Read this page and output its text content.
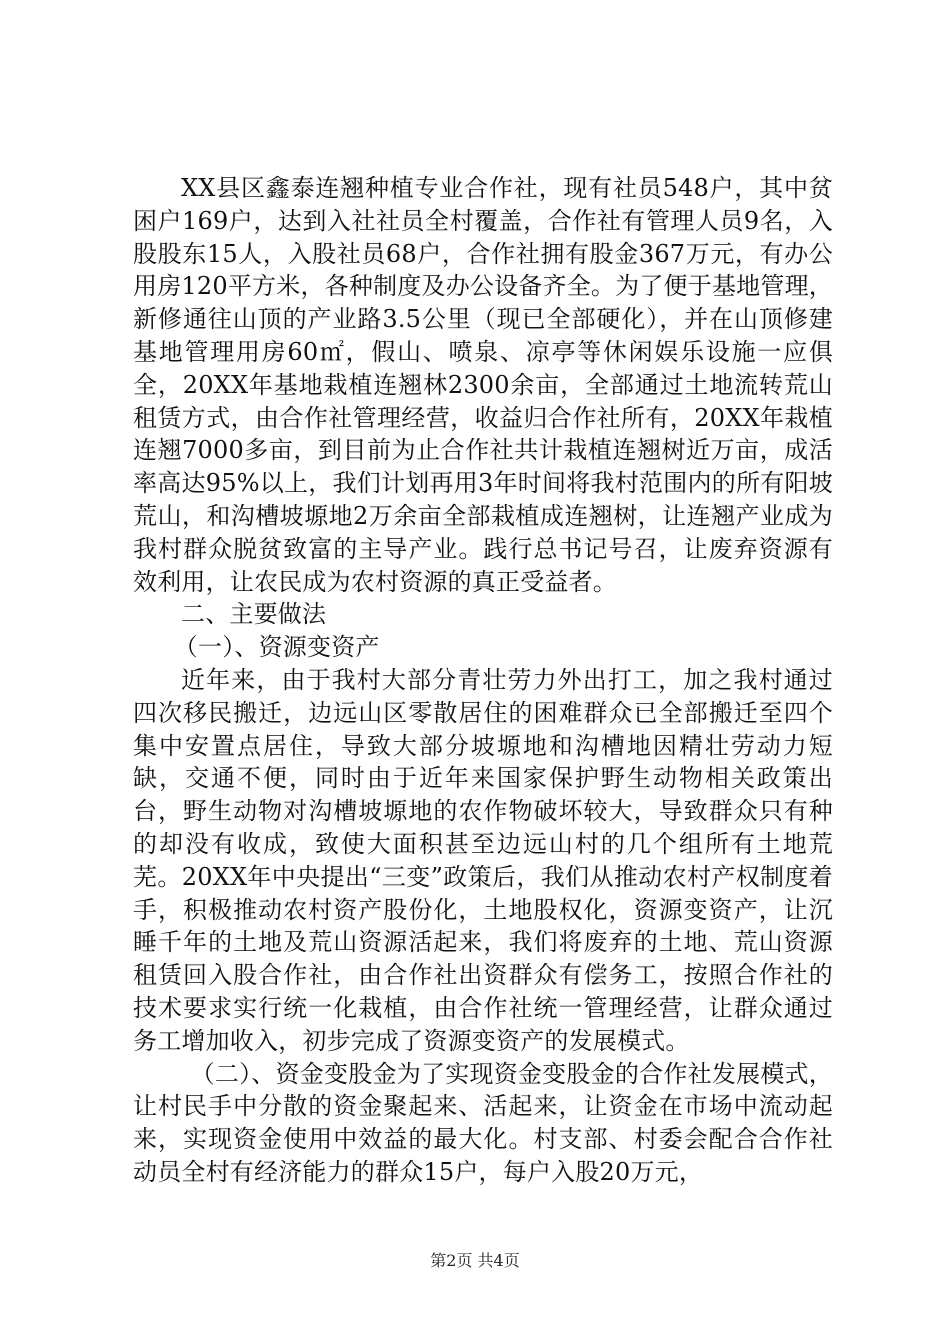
XX县区鑫泰连翘种植专业合作社，现有社员548户，其中贫困户169户，达到入社社员全村覆盖，合作社有管理人员9名，入股股东15人，入股社员68户，合作社拥有股金367万元，有办公用房120平方米，各种制度及办公设备齐全。为了便于基地管理，新修通往山顶的产业路3.5公里（现已全部硬化），并在山顶修建基地管理用房60㎡，假山、喷泉、凉亭等休闲娱乐设施一应俱全，20XX年基地栽植连翘林2300余亩，全部通过土地流转荒山租赁方式，由合作社管理经营，收益归合作社所有，20XX年栽植连翘7000多亩，到目前为止合作社共计栽植连翘树近万亩，成活率高达95%以上，我们计划再用3年时间将我村范围内的所有阳坡荒山，和沟槽坡塬地2万余亩全部栽植成连翘树，让连翘产业成为我村群众脱贫致富的主导产业。践行总书记号召，让废弃资源有效利用，让农民成为农村资源的真正受益者。

二、主要做法

（一）、资源变资产

近年来，由于我村大部分青壮劳力外出打工，加之我村通过四次移民搬迁，边远山区零散居住的困难群众已全部搬迁至四个集中安置点居住，导致大部分坡塬地和沟槽地因精壮劳动力短缺，交通不便，同时由于近年来国家保护野生动物相关政策出台，野生动物对沟槽坡塬地的农作物破坏较大，导致群众只有种的却没有收成，致使大面积甚至边远山村的几个组所有土地荒芜。20XX年中央提出“三变”政策后，我们从推动农村产权制度着手，积极推动农村资产股份化，土地股权化，资源变资产，让沉睡千年的土地及荒山资源活起来，我们将废弃的土地、荒山资源租赁回入股合作社，由合作社出资群众有偿务工，按照合作社的技术要求实行统一化栽植，由合作社统一管理经营，让群众通过务工增加收入，初步完成了资源变资产的发展模式。

（二）、资金变股金为了实现资金变股金的合作社发展模式，让村民手中分散的资金聚起来、活起来，让资金在市场中流动起来，实现资金使用中效益的最大化。村支部、村委会配合合作社动员全村有经济能力的群众15户，每户入股20万元，

第2页 共4页
